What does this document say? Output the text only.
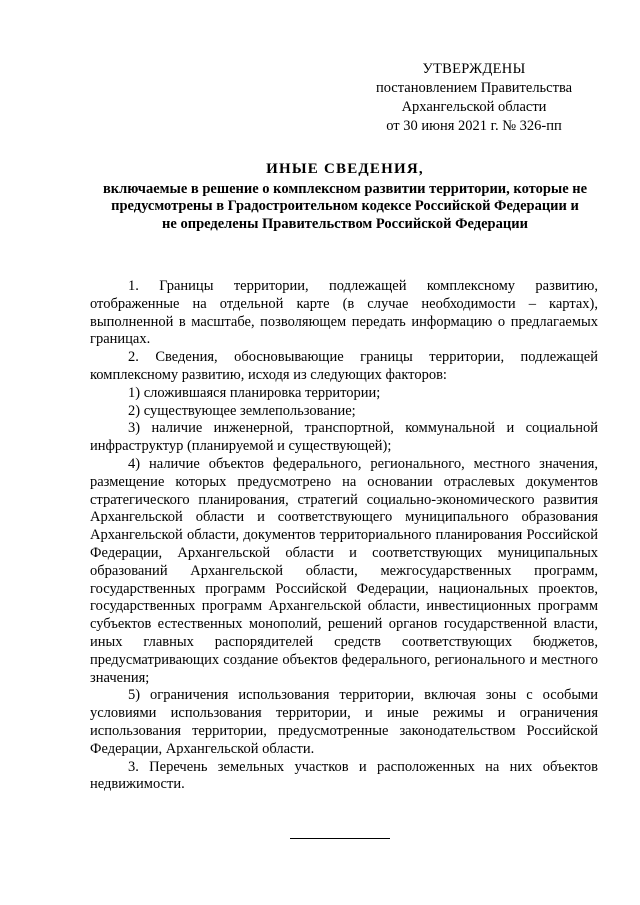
УТВЕРЖДЕНЫ
постановлением Правительства
Архангельской области
от 30 июня 2021 г. № 326-пп
ИНЫЕ СВЕДЕНИЯ,
включаемые в решение о комплексном развитии территории, которые не предусмотрены в Градостроительном кодексе Российской Федерации и не определены Правительством Российской Федерации

1. Границы территории, подлежащей комплексному развитию, отображенные на отдельной карте (в случае необходимости – картах), выполненной в масштабе, позволяющем передать информацию о предлагаемых границах.

2. Сведения, обосновывающие границы территории, подлежащей комплексному развитию, исходя из следующих факторов:

1) сложившаяся планировка территории;

2) существующее землепользование;

3) наличие инженерной, транспортной, коммунальной и социальной инфраструктур (планируемой и существующей);

4) наличие объектов федерального, регионального, местного значения, размещение которых предусмотрено на основании отраслевых документов стратегического планирования, стратегий социально-экономического развития Архангельской области и соответствующего муниципального образования Архангельской области, документов территориального планирования Российской Федерации, Архангельской области и соответствующих муниципальных образований Архангельской области, межгосударственных программ, государственных программ Российской Федерации, национальных проектов, государственных программ Архангельской области, инвестиционных программ субъектов естественных монополий, решений органов государственной власти, иных главных распорядителей средств соответствующих бюджетов, предусматривающих создание объектов федерального, регионального и местного значения;

5) ограничения использования территории, включая зоны с особыми условиями использования территории, и иные режимы и ограничения использования территории, предусмотренные законодательством Российской Федерации, Архангельской области.

3. Перечень земельных участков и расположенных на них объектов недвижимости.
